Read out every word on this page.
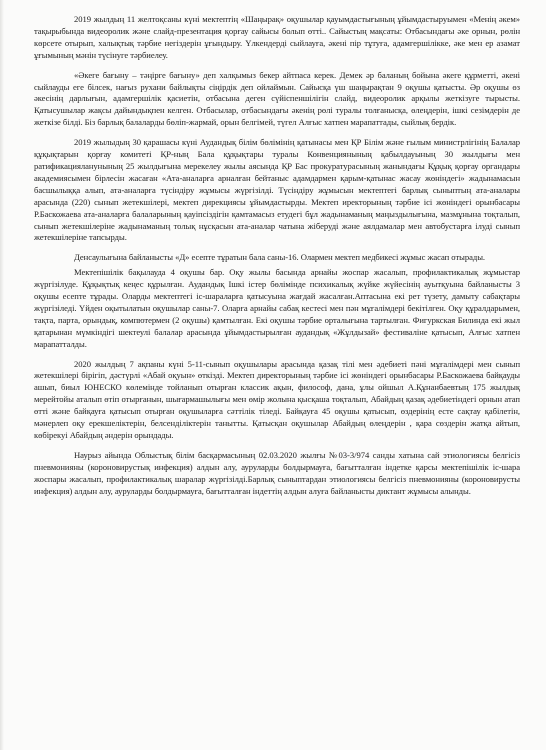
2019 жылдың 11 желтоқсаны күні мектептің «Шаңырақ» оқушылар қауымдастығының ұйымдастыруымен «Менің әкем» тақырыбында видеоролик және слайд-презентация қорғау сайысы болып өтті.. Сайыстың мақсаты: Отбасындағы әке орнын, рөлін көрсете отырып, халықтық тәрбие негіздерін ұғындыру. Үлкендерді сыйлауға, әкені пір тұтуға, адамгершілікке, әке мен ер азамат ұғымының мәнін түсінуге тәрбиелеу.

«Әкеге бағыну – тәңірге бағыну» деп халқымыз бекер айтпаса керек. Демек әр баланың бойына әкеге құрметті, әкені сыйлауды еге білсек, нағыз рухани байлықты сіңірдік деп ойлаймын. Сайысқа үш шаңырақтан 9 оқушы қатысты. Әр оқушы өз әкесінің дарлығын, адамгершілік қасиетін, отбасына деген сүйіспеншілігін слайд, видеоролик арқылы жеткізуге тырысты. Қатысушылар жақсы дайындықпен келген. Отбасылар, отбасындағы әкенің рөлі туралы толғанысқа, өлеңдерін, ішкі сезімдерін де жеткізе білді. Біз барлық балаларды бөліп-жармай, орын белгімей, түгел Алғыс хатпен марапаттады, сыйлық бердік.

2019 жылыдың 30 қарашасы күні Аудандық білім бөлімінің қатынасы мен ҚР Білім және ғылым министрлігінің Балалар құқықтарын қорғау комитеті ҚР-ның Бала құқықтары туралы Конвенциянының қабылдауының 30 жылдығы мен ратификацияланунының 25 жылдығына мерекелеу жылы аясында ҚР Бас прокуратурасының жанындағы Құқық қорғау органдары академиясымен бірлесін жасаған «Ата-аналарға арналған бейтаныс адамдармен қарым-қатынас жасау жөніндегі» жадынамасын басшылыққа алып, ата-аналарға түсіндіру жұмысы жүргізілді. Түсіндіру жұмысын мектептегі барлық сыныптың ата-аналары арасында (220) сынып жетекшілері, мектеп дирекциясы ұйымдастырды. Мектеп иректорының тәрбие ісі жөніндегі орынбасары Р.Баскожаева ата-аналарға балаларының қауіпсіздігін қамтамасыз етудегі бұл жадынаманың маңыздылығына, мазмұнына тоқталып, сынып жетекшілеріне жадынаманың толық нұсқасын ата-аналар чатына жіберуді және аялдамалар мен автобустарға ілуді сынып жетекшілеріне тапсырды.

Денсаулығына байланысты «Д» есепте тұратын бала саны-16. Олармен мектеп медбикесі жұмыс жасап отырады.

Мектепішілік бақылауда 4 оқушы бар. Оқу жылы басында арнайы жоспар жасалып, профилактикалық жұмыстар жүргізілуде. Құқықтық кеңес құрылған. Аудандық Ішкі істер бөлімінде психикалық жүйке жүйесінің ауытқуына байланысты 3 оқушы есепте тұрады. Оларды мектептегі іс-шараларға қатысуына жағдай жасалған.Аптасына екі рет түзету, дамыту сабақтары жүргізіледі. Үйден оқытылатын оқушылар саны-7. Оларға арнайы сабақ кестесі мен пән мұғалімдері бекітілген. Оқу құралдарымен, тақта, парта, орындық, компютермен (2 оқушы) қамтылған. Екі оқушы тәрбие орталығына тартылған. Фигуркская Билинда екі жыл қатарынан мүмкіндігі шектеулі балалар арасында ұйымдастырылған аудандық «Жұлдызай» фестиваліне қатысып, Алғыс хатпен марапатталды.

2020 жылдың 7 ақпаны күні 5-11-сынып оқушылары арасында қазақ тілі мен әдебиеті пәні мұғалімдері мен сынып жетекшілері бірігіп, дәстүрлі «Абай оқуын» өткізді. Мектеп директорының тәрбие ісі жөніндегі орынбасары Р.Баскожаева байқауды ашып, биыл ЮНЕСКО көлемінде тойланып отырған классик ақын, философ, дана, ұлы ойшыл А.Құнанбаевтың 175 жылдық мерейтойы аталып өтіп отырғанын, шығармашылығы мен өмір жолына қысқаша тоқталып, Абайдың қазақ әдебиетіндегі орнын атап өтті және байқауға қатысып отырған оқушыларға сәттілік тіледі. Байқауға 45 оқушы қатысып, өздерінің есте сақтау қабілетін, мәнерлеп оқу ерекшеліктерін, белсенділіктерін танытты. Қатысқан оқушылар Абайдың өлеңдерін , қара сөздерін жатқа айтып, көбірекуі Абайдың әндерін орындады.

Наурыз айында Облыстық білім басқармасының 02.03.2020 жылғы №03-3/974 санды хатына сай этиологиясы белгісіз пневмонияны (короновирустық инфекция) алдын алу, ауруларды болдырмауға, бағытталған індетке қарсы мектепішілік іс-шара жоспары жасалып, профилактикалық шаралар жүргізілді.Барлық сыныптардан этиологиясы белгісіз пневмонияны (короновирусты инфекция) алдын алу, ауруларды болдырмауға, бағытталған індеттің алдын алуға байланысты диктант жұмысы алынды.
